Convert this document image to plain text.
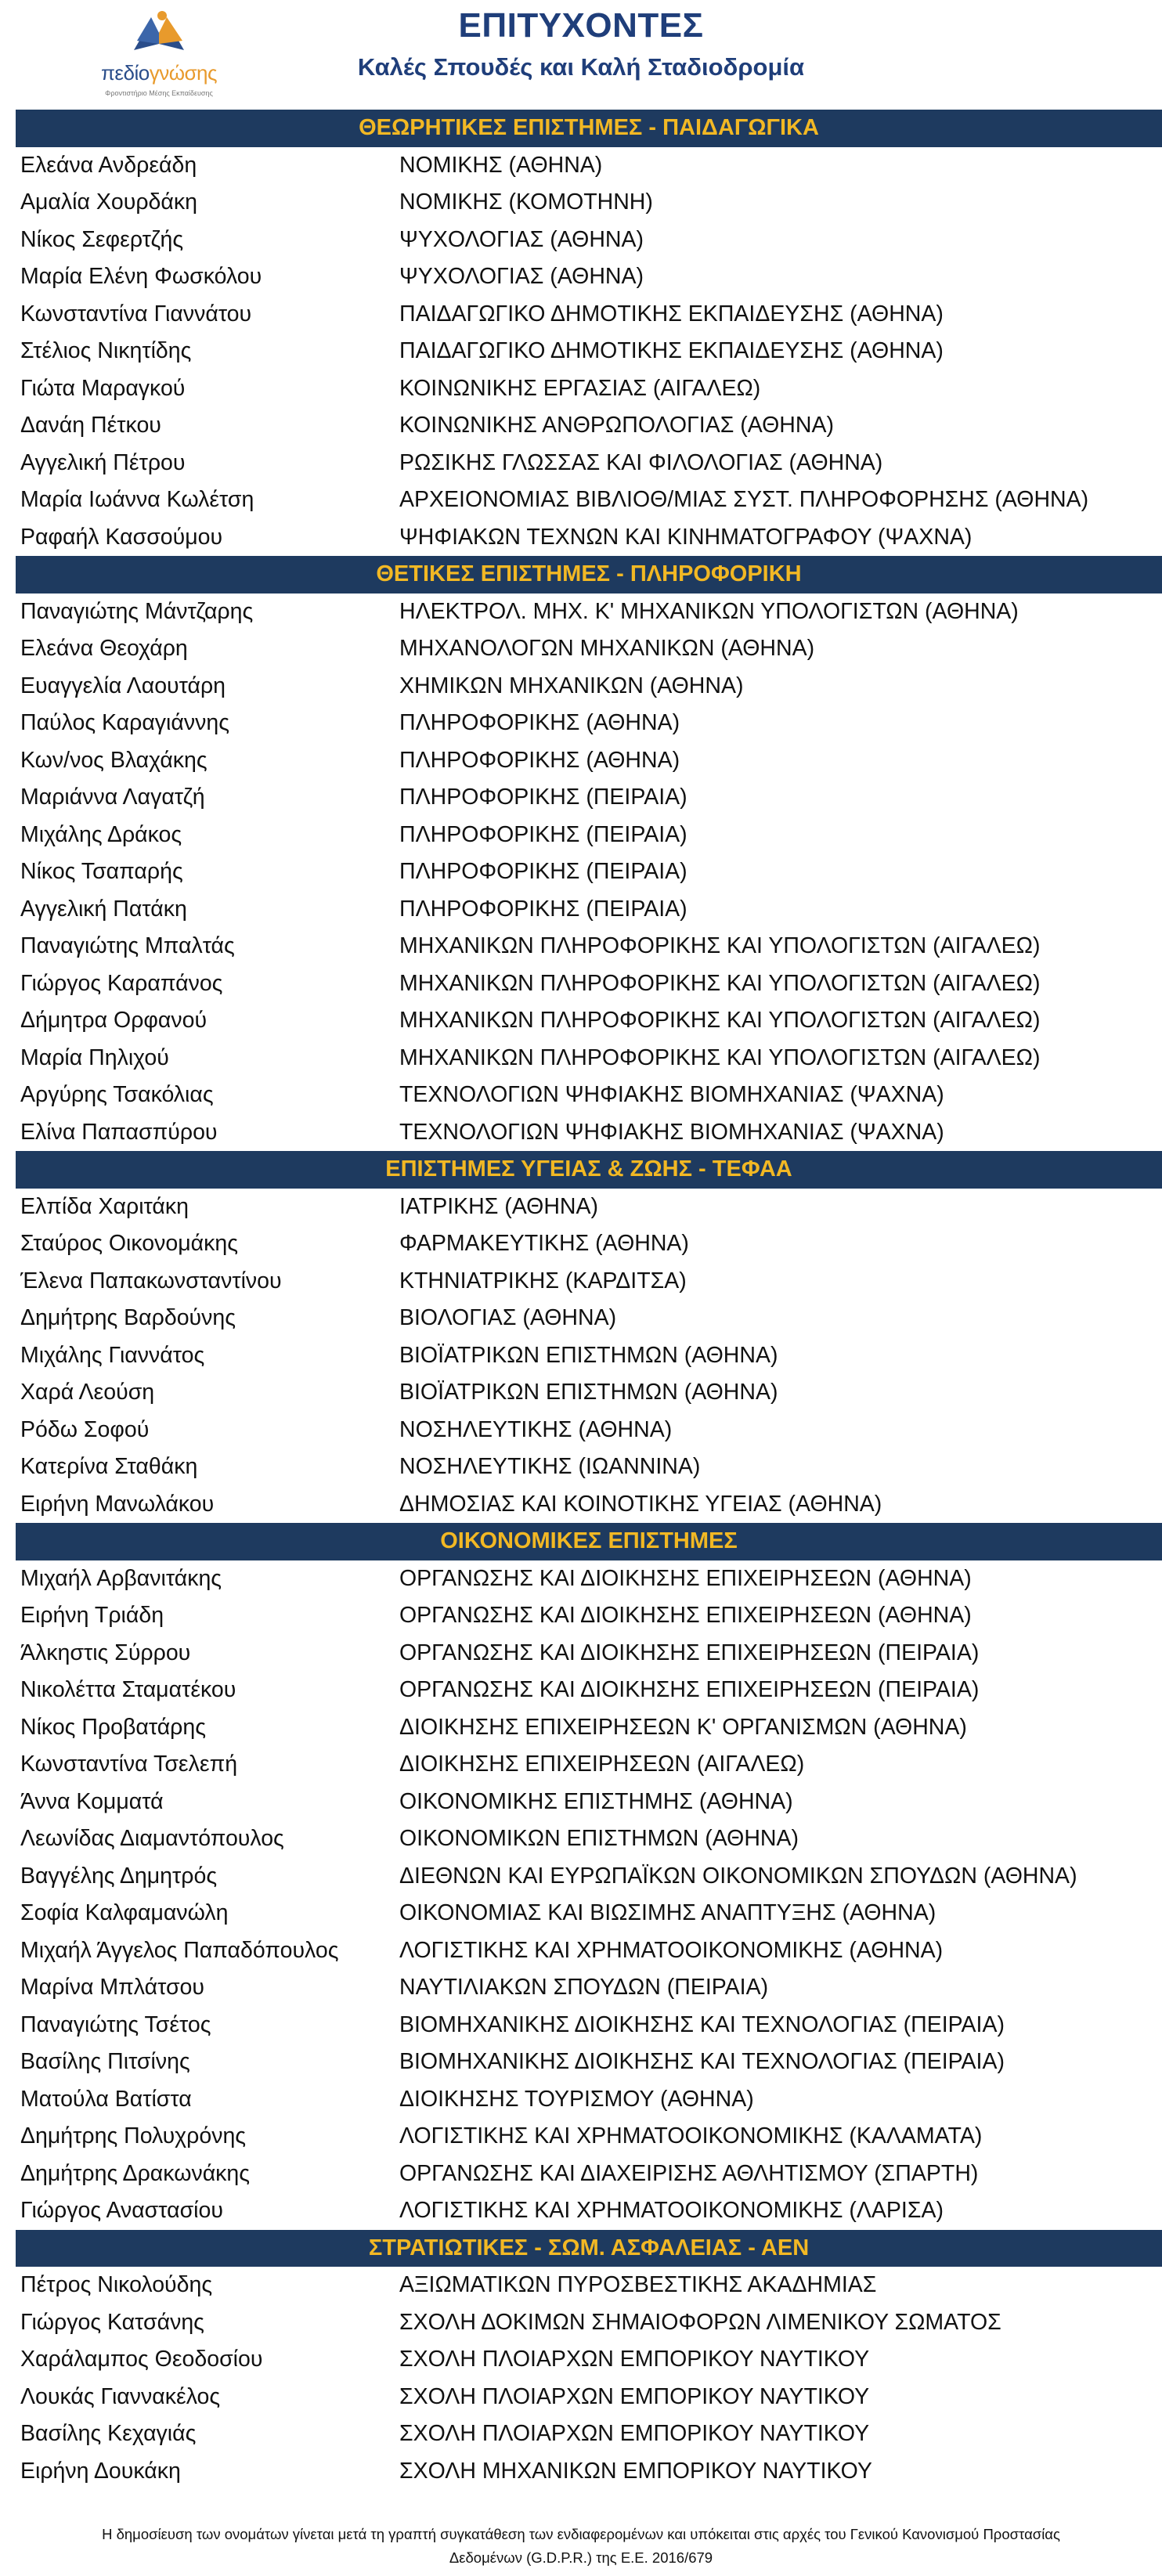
πεδίογνώσης
Φροντιστήριο Μέσης Εκπαίδευσης
ΕΠΙΤΥΧΟΝΤΕΣ
Καλές Σπουδές και Καλή Σταδιοδρομία
ΘΕΩΡΗΤΙΚΕΣ ΕΠΙΣΤΗΜΕΣ - ΠΑΙΔΑΓΩΓΙΚΑ
Ελεάνα Ανδρεάδη	ΝΟΜΙΚΗΣ (ΑΘΗΝΑ)
Αμαλία Χουρδάκη	ΝΟΜΙΚΗΣ (ΚΟΜΟΤΗΝΗ)
Νίκος Σεφερτζής	ΨΥΧΟΛΟΓΙΑΣ (ΑΘΗΝΑ)
Μαρία Ελένη Φωσκόλου	ΨΥΧΟΛΟΓΙΑΣ (ΑΘΗΝΑ)
Κωνσταντίνα Γιαννάτου	ΠΑΙΔΑΓΩΓΙΚΟ ΔΗΜΟΤΙΚΗΣ ΕΚΠΑΙΔΕΥΣΗΣ (ΑΘΗΝΑ)
Στέλιος Νικητίδης	ΠΑΙΔΑΓΩΓΙΚΟ ΔΗΜΟΤΙΚΗΣ ΕΚΠΑΙΔΕΥΣΗΣ (ΑΘΗΝΑ)
Γιώτα Μαραγκού	ΚΟΙΝΩΝΙΚΗΣ ΕΡΓΑΣΙΑΣ (ΑΙΓΑΛΕΩ)
Δανάη Πέτκου	ΚΟΙΝΩΝΙΚΗΣ ΑΝΘΡΩΠΟΛΟΓΙΑΣ (ΑΘΗΝΑ)
Αγγελική Πέτρου	ΡΩΣΙΚΗΣ ΓΛΩΣΣΑΣ ΚΑΙ ΦΙΛΟΛΟΓΙΑΣ (ΑΘΗΝΑ)
Μαρία Ιωάννα Κωλέτση	ΑΡΧΕΙΟΝΟΜΙΑΣ ΒΙΒΛΙΟΘ/ΜΙΑΣ ΣΥΣΤ. ΠΛΗΡΟΦΟΡΗΣΗΣ (ΑΘΗΝΑ)
Ραφαήλ Κασσούμου	ΨΗΦΙΑΚΩΝ ΤΕΧΝΩΝ ΚΑΙ ΚΙΝΗΜΑΤΟΓΡΑΦΟΥ (ΨΑΧΝΑ)
ΘΕΤΙΚΕΣ ΕΠΙΣΤΗΜΕΣ - ΠΛΗΡΟΦΟΡΙΚΗ
Παναγιώτης Μάντζαρης	ΗΛΕΚΤΡΟΛ. ΜΗΧ. Κ' ΜΗΧΑΝΙΚΩΝ ΥΠΟΛΟΓΙΣΤΩΝ (ΑΘΗΝΑ)
Ελεάνα Θεοχάρη	ΜΗΧΑΝΟΛΟΓΩΝ ΜΗΧΑΝΙΚΩΝ (ΑΘΗΝΑ)
Ευαγγελία Λαουτάρη	ΧΗΜΙΚΩΝ ΜΗΧΑΝΙΚΩΝ (ΑΘΗΝΑ)
Παύλος Καραγιάννης	ΠΛΗΡΟΦΟΡΙΚΗΣ (ΑΘΗΝΑ)
Κων/νος Βλαχάκης	ΠΛΗΡΟΦΟΡΙΚΗΣ (ΑΘΗΝΑ)
Μαριάννα Λαγατζή	ΠΛΗΡΟΦΟΡΙΚΗΣ (ΠΕΙΡΑΙΑ)
Μιχάλης Δράκος	ΠΛΗΡΟΦΟΡΙΚΗΣ (ΠΕΙΡΑΙΑ)
Νίκος Τσαπαρής	ΠΛΗΡΟΦΟΡΙΚΗΣ (ΠΕΙΡΑΙΑ)
Αγγελική Πατάκη	ΠΛΗΡΟΦΟΡΙΚΗΣ (ΠΕΙΡΑΙΑ)
Παναγιώτης Μπαλτάς	ΜΗΧΑΝΙΚΩΝ ΠΛΗΡΟΦΟΡΙΚΗΣ ΚΑΙ ΥΠΟΛΟΓΙΣΤΩΝ (ΑΙΓΑΛΕΩ)
Γιώργος Καραπάνος	ΜΗΧΑΝΙΚΩΝ ΠΛΗΡΟΦΟΡΙΚΗΣ ΚΑΙ ΥΠΟΛΟΓΙΣΤΩΝ (ΑΙΓΑΛΕΩ)
Δήμητρα Ορφανού	ΜΗΧΑΝΙΚΩΝ ΠΛΗΡΟΦΟΡΙΚΗΣ ΚΑΙ ΥΠΟΛΟΓΙΣΤΩΝ (ΑΙΓΑΛΕΩ)
Μαρία Πηλιχού	ΜΗΧΑΝΙΚΩΝ ΠΛΗΡΟΦΟΡΙΚΗΣ ΚΑΙ ΥΠΟΛΟΓΙΣΤΩΝ (ΑΙΓΑΛΕΩ)
Αργύρης Τσακόλιας	ΤΕΧΝΟΛΟΓΙΩΝ ΨΗΦΙΑΚΗΣ ΒΙΟΜΗΧΑΝΙΑΣ (ΨΑΧΝΑ)
Ελίνα Παπασπύρου	ΤΕΧΝΟΛΟΓΙΩΝ ΨΗΦΙΑΚΗΣ ΒΙΟΜΗΧΑΝΙΑΣ (ΨΑΧΝΑ)
ΕΠΙΣΤΗΜΕΣ ΥΓΕΙΑΣ & ΖΩΗΣ - ΤΕΦΑΑ
Ελπίδα Χαριτάκη	ΙΑΤΡΙΚΗΣ (ΑΘΗΝΑ)
Σταύρος Οικονομάκης	ΦΑΡΜΑΚΕΥΤΙΚΗΣ (ΑΘΗΝΑ)
Έλενα Παπακωνσταντίνου	ΚΤΗΝΙΑΤΡΙΚΗΣ (ΚΑΡΔΙΤΣΑ)
Δημήτρης Βαρδούνης	ΒΙΟΛΟΓΙΑΣ (ΑΘΗΝΑ)
Μιχάλης Γιαννάτος	ΒΙΟΪΑΤΡΙΚΩΝ ΕΠΙΣΤΗΜΩΝ (ΑΘΗΝΑ)
Χαρά Λεούση	ΒΙΟΪΑΤΡΙΚΩΝ ΕΠΙΣΤΗΜΩΝ (ΑΘΗΝΑ)
Ρόδω Σοφού	ΝΟΣΗΛΕΥΤΙΚΗΣ (ΑΘΗΝΑ)
Κατερίνα Σταθάκη	ΝΟΣΗΛΕΥΤΙΚΗΣ (ΙΩΑΝΝΙΝΑ)
Ειρήνη Μανωλάκου	ΔΗΜΟΣΙΑΣ ΚΑΙ ΚΟΙΝΟΤΙΚΗΣ ΥΓΕΙΑΣ (ΑΘΗΝΑ)
ΟΙΚΟΝΟΜΙΚΕΣ ΕΠΙΣΤΗΜΕΣ
Μιχαήλ Αρβανιτάκης	ΟΡΓΑΝΩΣΗΣ ΚΑΙ ΔΙΟΙΚΗΣΗΣ ΕΠΙΧΕΙΡΗΣΕΩΝ (ΑΘΗΝΑ)
Ειρήνη Τριάδη	ΟΡΓΑΝΩΣΗΣ ΚΑΙ ΔΙΟΙΚΗΣΗΣ ΕΠΙΧΕΙΡΗΣΕΩΝ (ΑΘΗΝΑ)
Άλκηστις Σύρρου	ΟΡΓΑΝΩΣΗΣ ΚΑΙ ΔΙΟΙΚΗΣΗΣ ΕΠΙΧΕΙΡΗΣΕΩΝ (ΠΕΙΡΑΙΑ)
Νικολέττα Σταματέκου	ΟΡΓΑΝΩΣΗΣ ΚΑΙ ΔΙΟΙΚΗΣΗΣ ΕΠΙΧΕΙΡΗΣΕΩΝ (ΠΕΙΡΑΙΑ)
Νίκος Προβατάρης	ΔΙΟΙΚΗΣΗΣ ΕΠΙΧΕΙΡΗΣΕΩΝ Κ' ΟΡΓΑΝΙΣΜΩΝ (ΑΘΗΝΑ)
Κωνσταντίνα Τσελεπή	ΔΙΟΙΚΗΣΗΣ ΕΠΙΧΕΙΡΗΣΕΩΝ (ΑΙΓΑΛΕΩ)
Άννα Κομματά	ΟΙΚΟΝΟΜΙΚΗΣ ΕΠΙΣΤΗΜΗΣ (ΑΘΗΝΑ)
Λεωνίδας Διαμαντόπουλος	ΟΙΚΟΝΟΜΙΚΩΝ ΕΠΙΣΤΗΜΩΝ (ΑΘΗΝΑ)
Βαγγέλης Δημητρός	ΔΙΕΘΝΩΝ ΚΑΙ ΕΥΡΩΠΑΪΚΩΝ ΟΙΚΟΝΟΜΙΚΩΝ ΣΠΟΥΔΩΝ (ΑΘΗΝΑ)
Σοφία Καλφαμανώλη	ΟΙΚΟΝΟΜΙΑΣ ΚΑΙ ΒΙΩΣΙΜΗΣ ΑΝΑΠΤΥΞΗΣ (ΑΘΗΝΑ)
Μιχαήλ Άγγελος Παπαδόπουλος	ΛΟΓΙΣΤΙΚΗΣ ΚΑΙ ΧΡΗΜΑΤΟΟΙΚΟΝΟΜΙΚΗΣ (ΑΘΗΝΑ)
Μαρίνα Μπλάτσου	ΝΑΥΤΙΛΙΑΚΩΝ ΣΠΟΥΔΩΝ (ΠΕΙΡΑΙΑ)
Παναγιώτης Τσέτος	ΒΙΟΜΗΧΑΝΙΚΗΣ ΔΙΟΙΚΗΣΗΣ ΚΑΙ ΤΕΧΝΟΛΟΓΙΑΣ (ΠΕΙΡΑΙΑ)
Βασίλης Πιτσίνης	ΒΙΟΜΗΧΑΝΙΚΗΣ ΔΙΟΙΚΗΣΗΣ ΚΑΙ ΤΕΧΝΟΛΟΓΙΑΣ (ΠΕΙΡΑΙΑ)
Ματούλα Βατίστα	ΔΙΟΙΚΗΣΗΣ ΤΟΥΡΙΣΜΟΥ (ΑΘΗΝΑ)
Δημήτρης Πολυχρόνης	ΛΟΓΙΣΤΙΚΗΣ ΚΑΙ ΧΡΗΜΑΤΟΟΙΚΟΝΟΜΙΚΗΣ (ΚΑΛΑΜΑΤΑ)
Δημήτρης Δρακωνάκης	ΟΡΓΑΝΩΣΗΣ ΚΑΙ ΔΙΑΧΕΙΡΙΣΗΣ ΑΘΛΗΤΙΣΜΟΥ (ΣΠΑΡΤΗ)
Γιώργος Αναστασίου	ΛΟΓΙΣΤΙΚΗΣ ΚΑΙ ΧΡΗΜΑΤΟΟΙΚΟΝΟΜΙΚΗΣ (ΛΑΡΙΣΑ)
ΣΤΡΑΤΙΩΤΙΚΕΣ - ΣΩΜ. ΑΣΦΑΛΕΙΑΣ - ΑΕΝ
Πέτρος Νικολούδης	ΑΞΙΩΜΑΤΙΚΩΝ ΠΥΡΟΣΒΕΣΤΙΚΗΣ ΑΚΑΔΗΜΙΑΣ
Γιώργος Κατσάνης	ΣΧΟΛΗ ΔΟΚΙΜΩΝ ΣΗΜΑΙΟΦΟΡΩΝ ΛΙΜΕΝΙΚΟΥ ΣΩΜΑΤΟΣ
Χαράλαμπος Θεοδοσίου	ΣΧΟΛΗ ΠΛΟΙΑΡΧΩΝ ΕΜΠΟΡΙΚΟΥ ΝΑΥΤΙΚΟΥ
Λουκάς Γιαννακέλος	ΣΧΟΛΗ ΠΛΟΙΑΡΧΩΝ ΕΜΠΟΡΙΚΟΥ ΝΑΥΤΙΚΟΥ
Βασίλης Κεχαγιάς	ΣΧΟΛΗ ΠΛΟΙΑΡΧΩΝ ΕΜΠΟΡΙΚΟΥ ΝΑΥΤΙΚΟΥ
Ειρήνη Δουκάκη	ΣΧΟΛΗ ΜΗΧΑΝΙΚΩΝ ΕΜΠΟΡΙΚΟΥ ΝΑΥΤΙΚΟΥ
Η δημοσίευση των ονομάτων γίνεται μετά τη γραπτή συγκατάθεση των ενδιαφερομένων και υπόκειται στις αρχές του Γενικού Κανονισμού Προστασίας
Δεδομένων (G.D.P.R.) της Ε.Ε. 2016/679
